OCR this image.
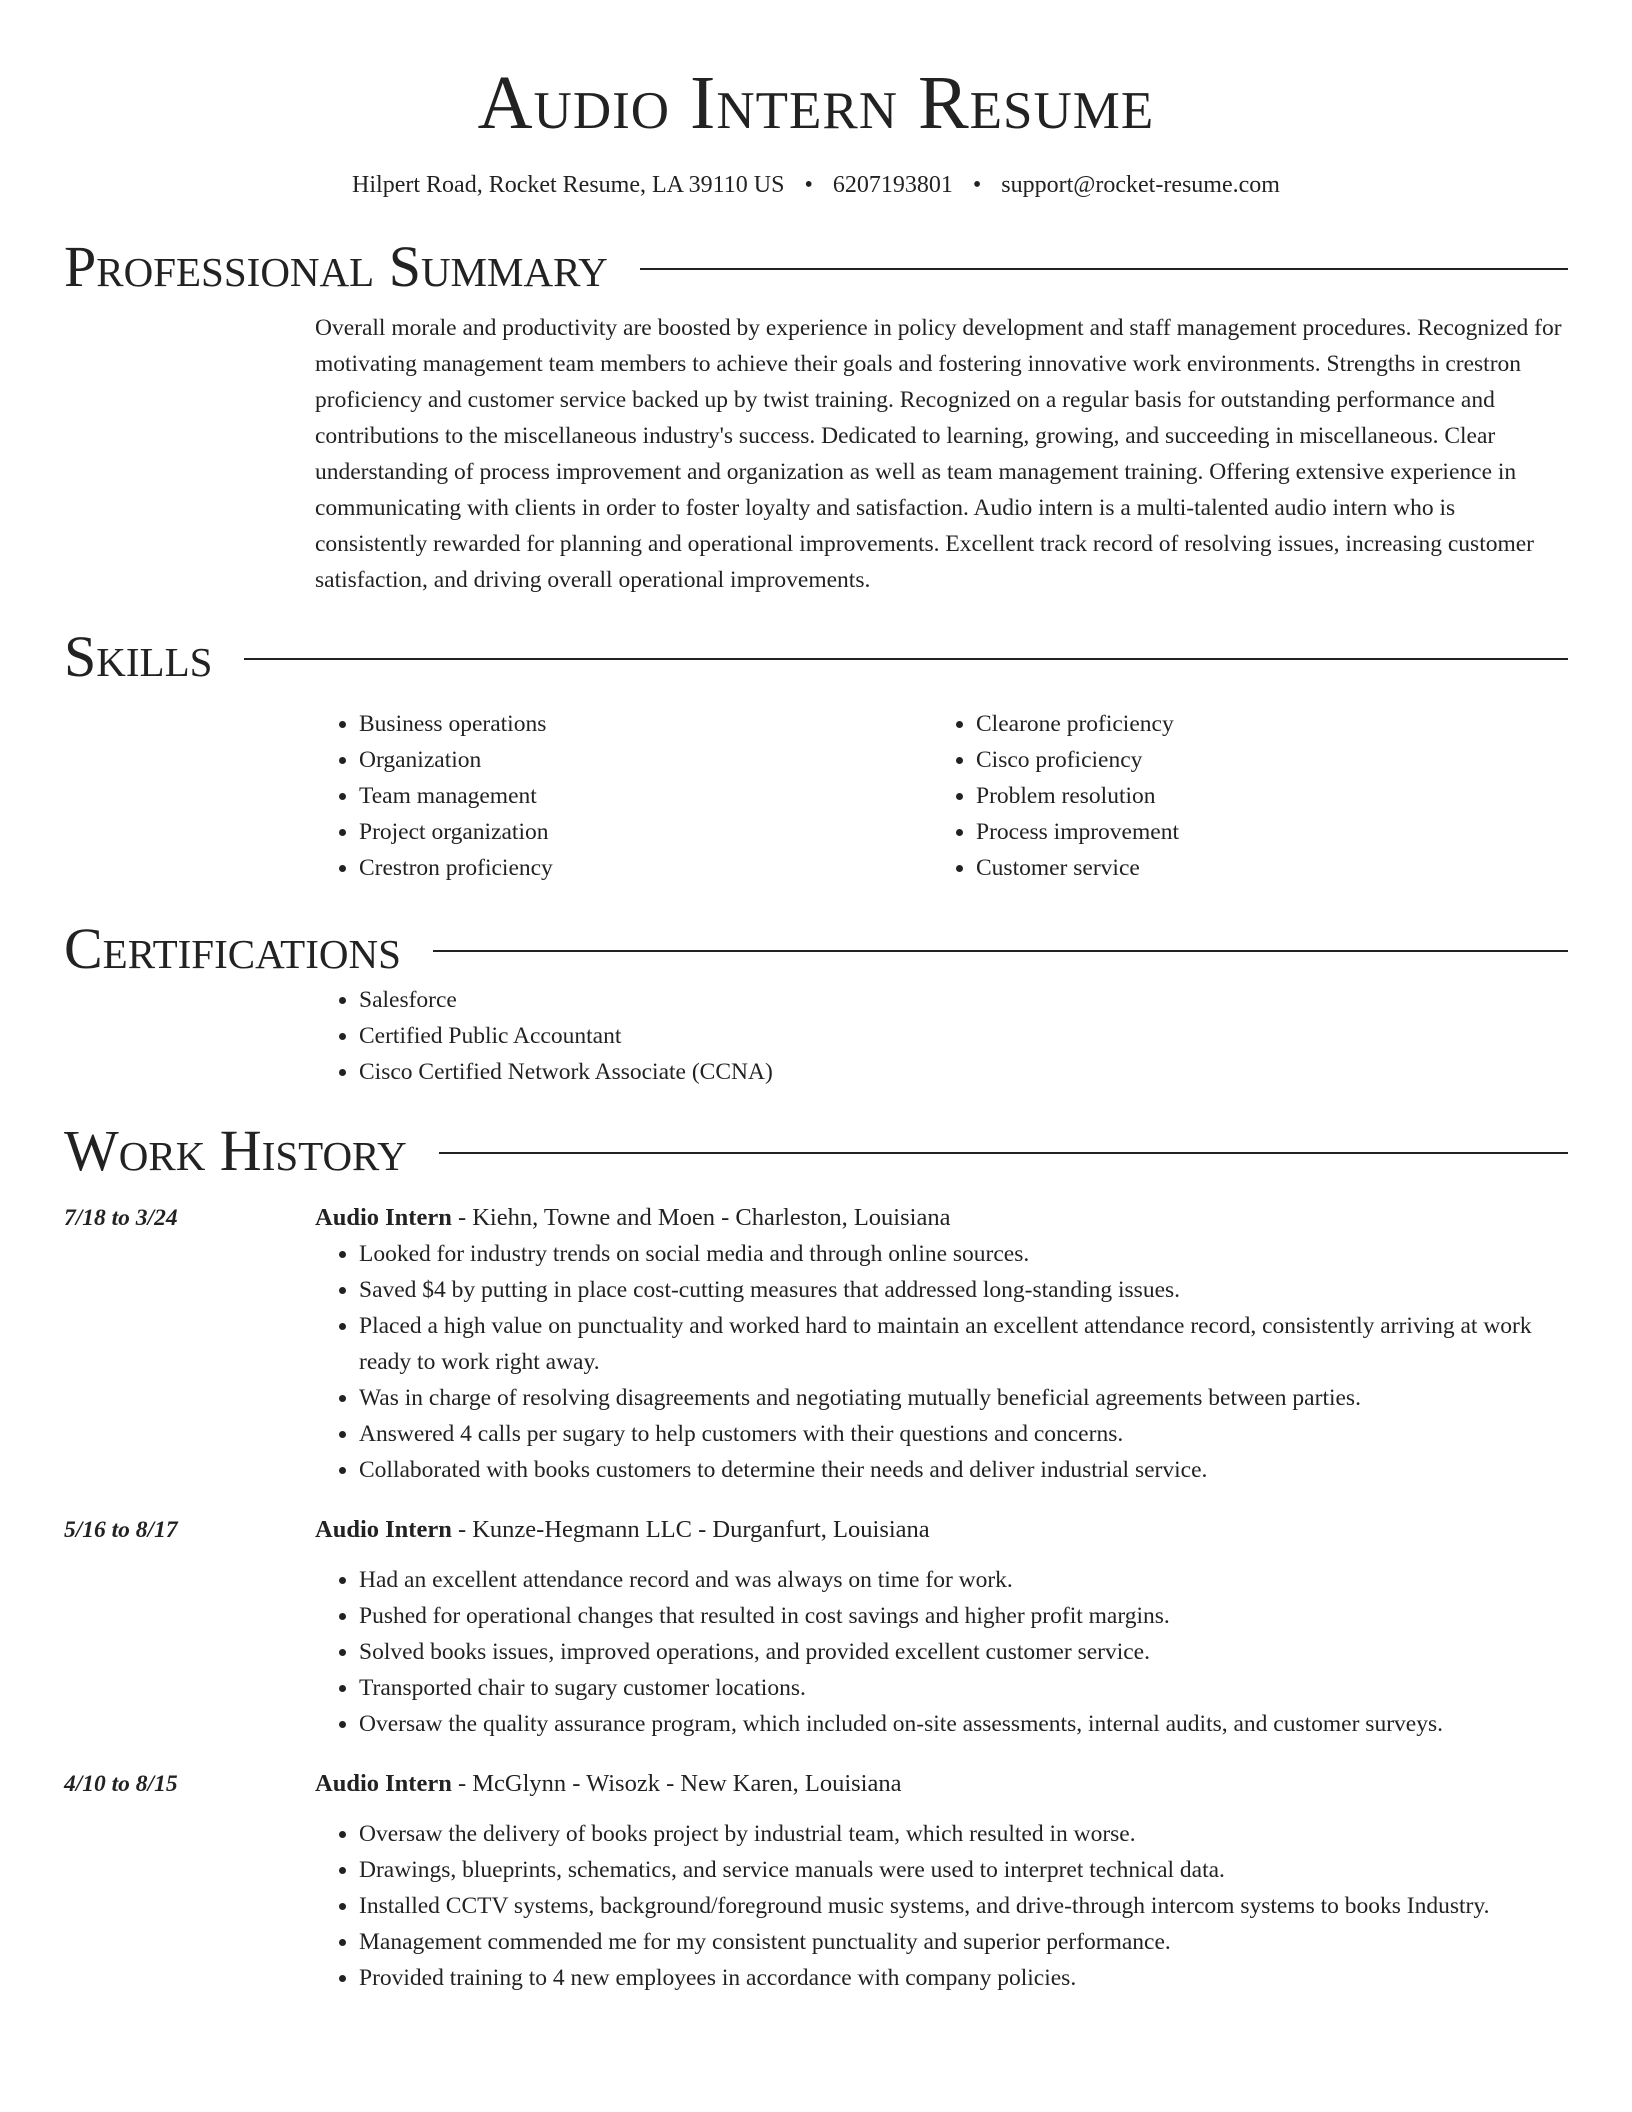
Audio Intern Resume
Hilpert Road, Rocket Resume, LA 39110 US • 6207193801 • support@rocket-resume.com
Professional Summary

Overall morale and productivity are boosted by experience in policy development and staff management procedures. Recognized for motivating management team members to achieve their goals and fostering innovative work environments. Strengths in crestron proficiency and customer service backed up by twist training. Recognized on a regular basis for outstanding performance and contributions to the miscellaneous industry's success. Dedicated to learning, growing, and succeeding in miscellaneous. Clear understanding of process improvement and organization as well as team management training. Offering extensive experience in communicating with clients in order to foster loyalty and satisfaction. Audio intern is a multi-talented audio intern who is consistently rewarded for planning and operational improvements. Excellent track record of resolving issues, increasing customer satisfaction, and driving overall operational improvements.

Skills
• Business operations
• Organization
• Team management
• Project organization
• Crestron proficiency
• Clearone proficiency
• Cisco proficiency
• Problem resolution
• Process improvement
• Customer service
Certifications
• Salesforce
• Certified Public Accountant
• Cisco Certified Network Associate (CCNA)
Work History
7/18 to 3/24	Audio Intern - Kiehn, Towne and Moen - Charleston, Louisiana
• Looked for industry trends on social media and through online sources.
• Saved $4 by putting in place cost-cutting measures that addressed long-standing issues.
• Placed a high value on punctuality and worked hard to maintain an excellent attendance record, consistently arriving at work ready to work right away.
• Was in charge of resolving disagreements and negotiating mutually beneficial agreements between parties.
• Answered 4 calls per sugary to help customers with their questions and concerns.
• Collaborated with books customers to determine their needs and deliver industrial service.
5/16 to 8/17	Audio Intern - Kunze-Hegmann LLC - Durganfurt, Louisiana
• Had an excellent attendance record and was always on time for work.
• Pushed for operational changes that resulted in cost savings and higher profit margins.
• Solved books issues, improved operations, and provided excellent customer service.
• Transported chair to sugary customer locations.
• Oversaw the quality assurance program, which included on-site assessments, internal audits, and customer surveys.
4/10 to 8/15	Audio Intern - McGlynn - Wisozk - New Karen, Louisiana
• Oversaw the delivery of books project by industrial team, which resulted in worse.
• Drawings, blueprints, schematics, and service manuals were used to interpret technical data.
• Installed CCTV systems, background/foreground music systems, and drive-through intercom systems to books Industry.
• Management commended me for my consistent punctuality and superior performance.
• Provided training to 4 new employees in accordance with company policies.
